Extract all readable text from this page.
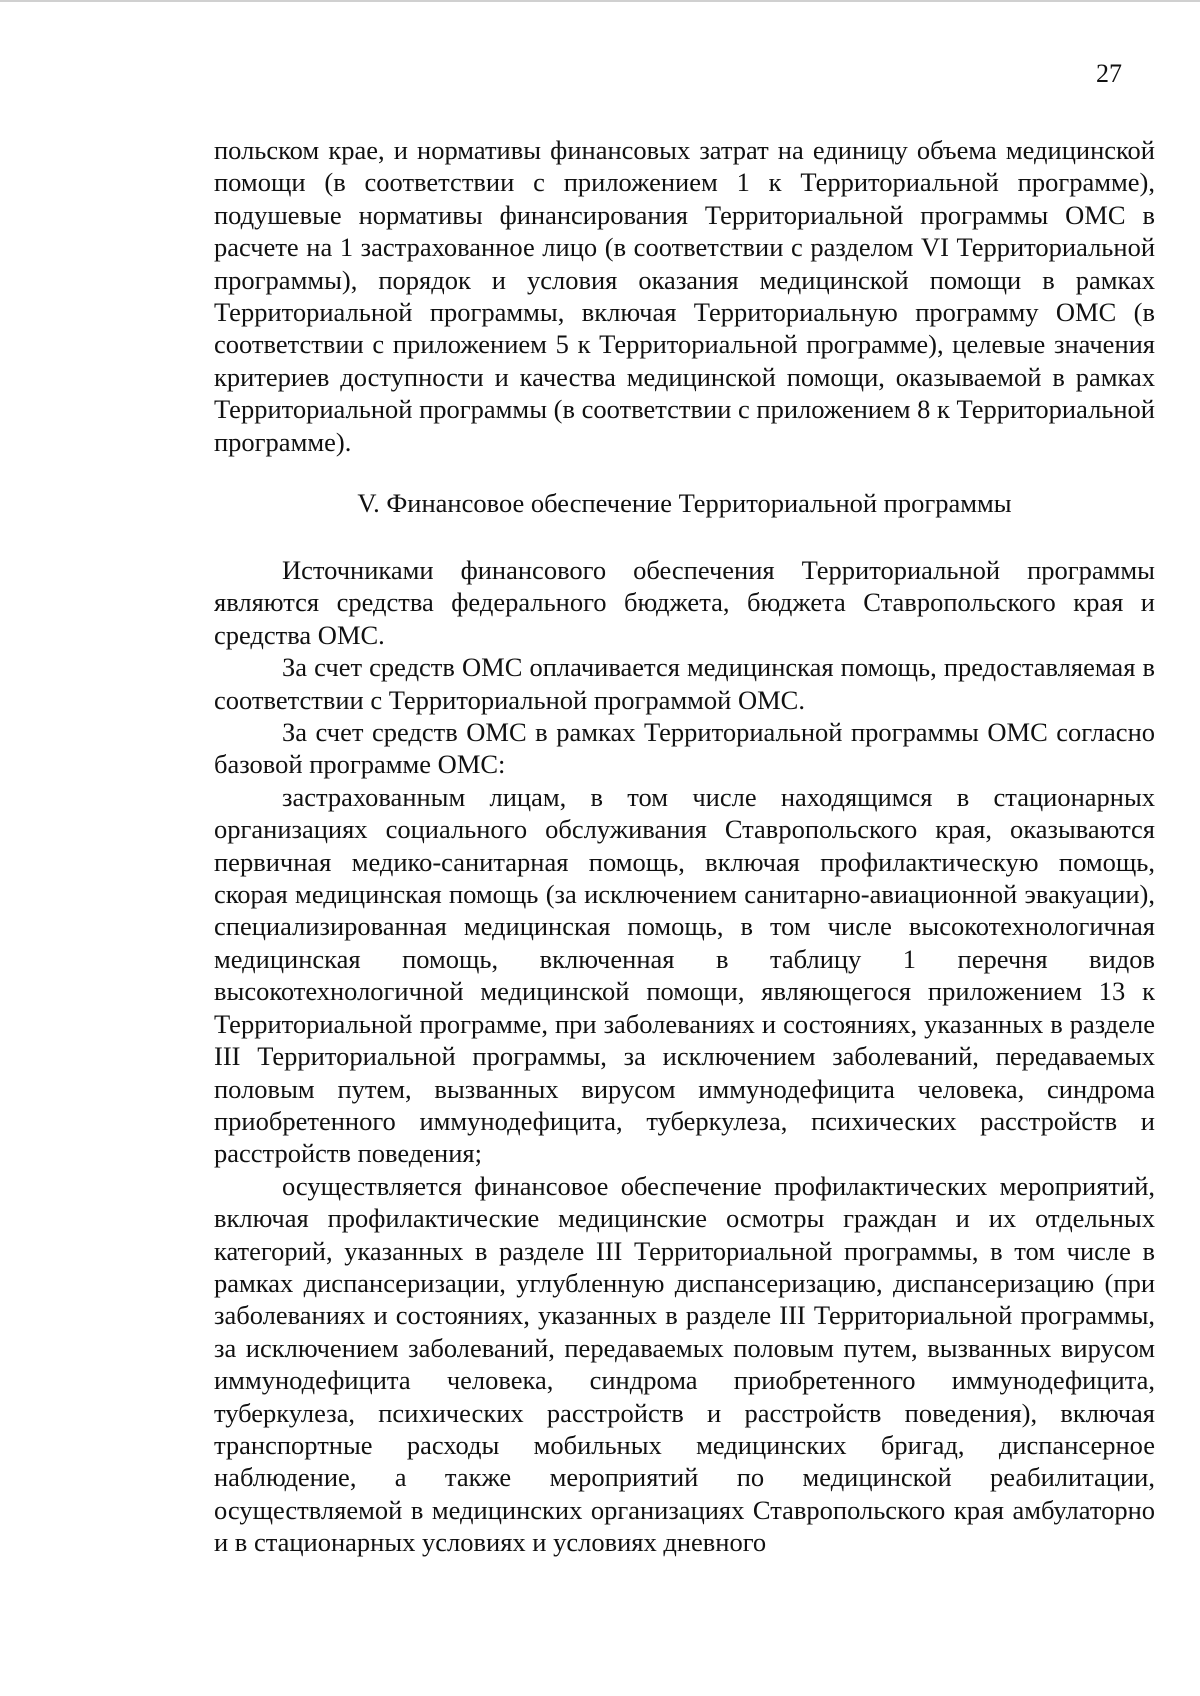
27

польском крае, и нормативы финансовых затрат на единицу объема медицинской помощи (в соответствии с приложением 1 к Территориальной программе), подушевые нормативы финансирования Территориальной программы ОМС в расчете на 1 застрахованное лицо (в соответствии с разделом VI Территориальной программы), порядок и условия оказания медицинской помощи в рамках Территориальной программы, включая Территориальную программу ОМС (в соответствии с приложением 5 к Территориальной программе), целевые значения критериев доступности и качества медицинской помощи, оказываемой в рамках Территориальной программы (в соответствии с приложением 8 к Территориальной программе).

V. Финансовое обеспечение Территориальной программы

Источниками финансового обеспечения Территориальной программы являются средства федерального бюджета, бюджета Ставропольского края и средства ОМС.

За счет средств ОМС оплачивается медицинская помощь, предоставляемая в соответствии с Территориальной программой ОМС.

За счет средств ОМС в рамках Территориальной программы ОМС согласно базовой программе ОМС:

застрахованным лицам, в том числе находящимся в стационарных организациях социального обслуживания Ставропольского края, оказываются первичная медико-санитарная помощь, включая профилактическую помощь, скорая медицинская помощь (за исключением санитарно-авиационной эвакуации), специализированная медицинская помощь, в том числе высокотехнологичная медицинская помощь, включенная в таблицу 1 перечня видов высокотехнологичной медицинской помощи, являющегося приложением 13 к Территориальной программе, при заболеваниях и состояниях, указанных в разделе III Территориальной программы, за исключением заболеваний, передаваемых половым путем, вызванных вирусом иммунодефицита человека, синдрома приобретенного иммунодефицита, туберкулеза, психических расстройств и расстройств поведения;

осуществляется финансовое обеспечение профилактических мероприятий, включая профилактические медицинские осмотры граждан и их отдельных категорий, указанных в разделе III Территориальной программы, в том числе в рамках диспансеризации, углубленную диспансеризацию, диспансеризацию (при заболеваниях и состояниях, указанных в разделе III Территориальной программы, за исключением заболеваний, передаваемых половым путем, вызванных вирусом иммунодефицита человека, синдрома приобретенного иммунодефицита, туберкулеза, психических расстройств и расстройств поведения), включая транспортные расходы мобильных медицинских бригад, диспансерное наблюдение, а также мероприятий по медицинской реабилитации, осуществляемой в медицинских организациях Ставропольского края амбулаторно и в стационарных условиях и условиях дневного
